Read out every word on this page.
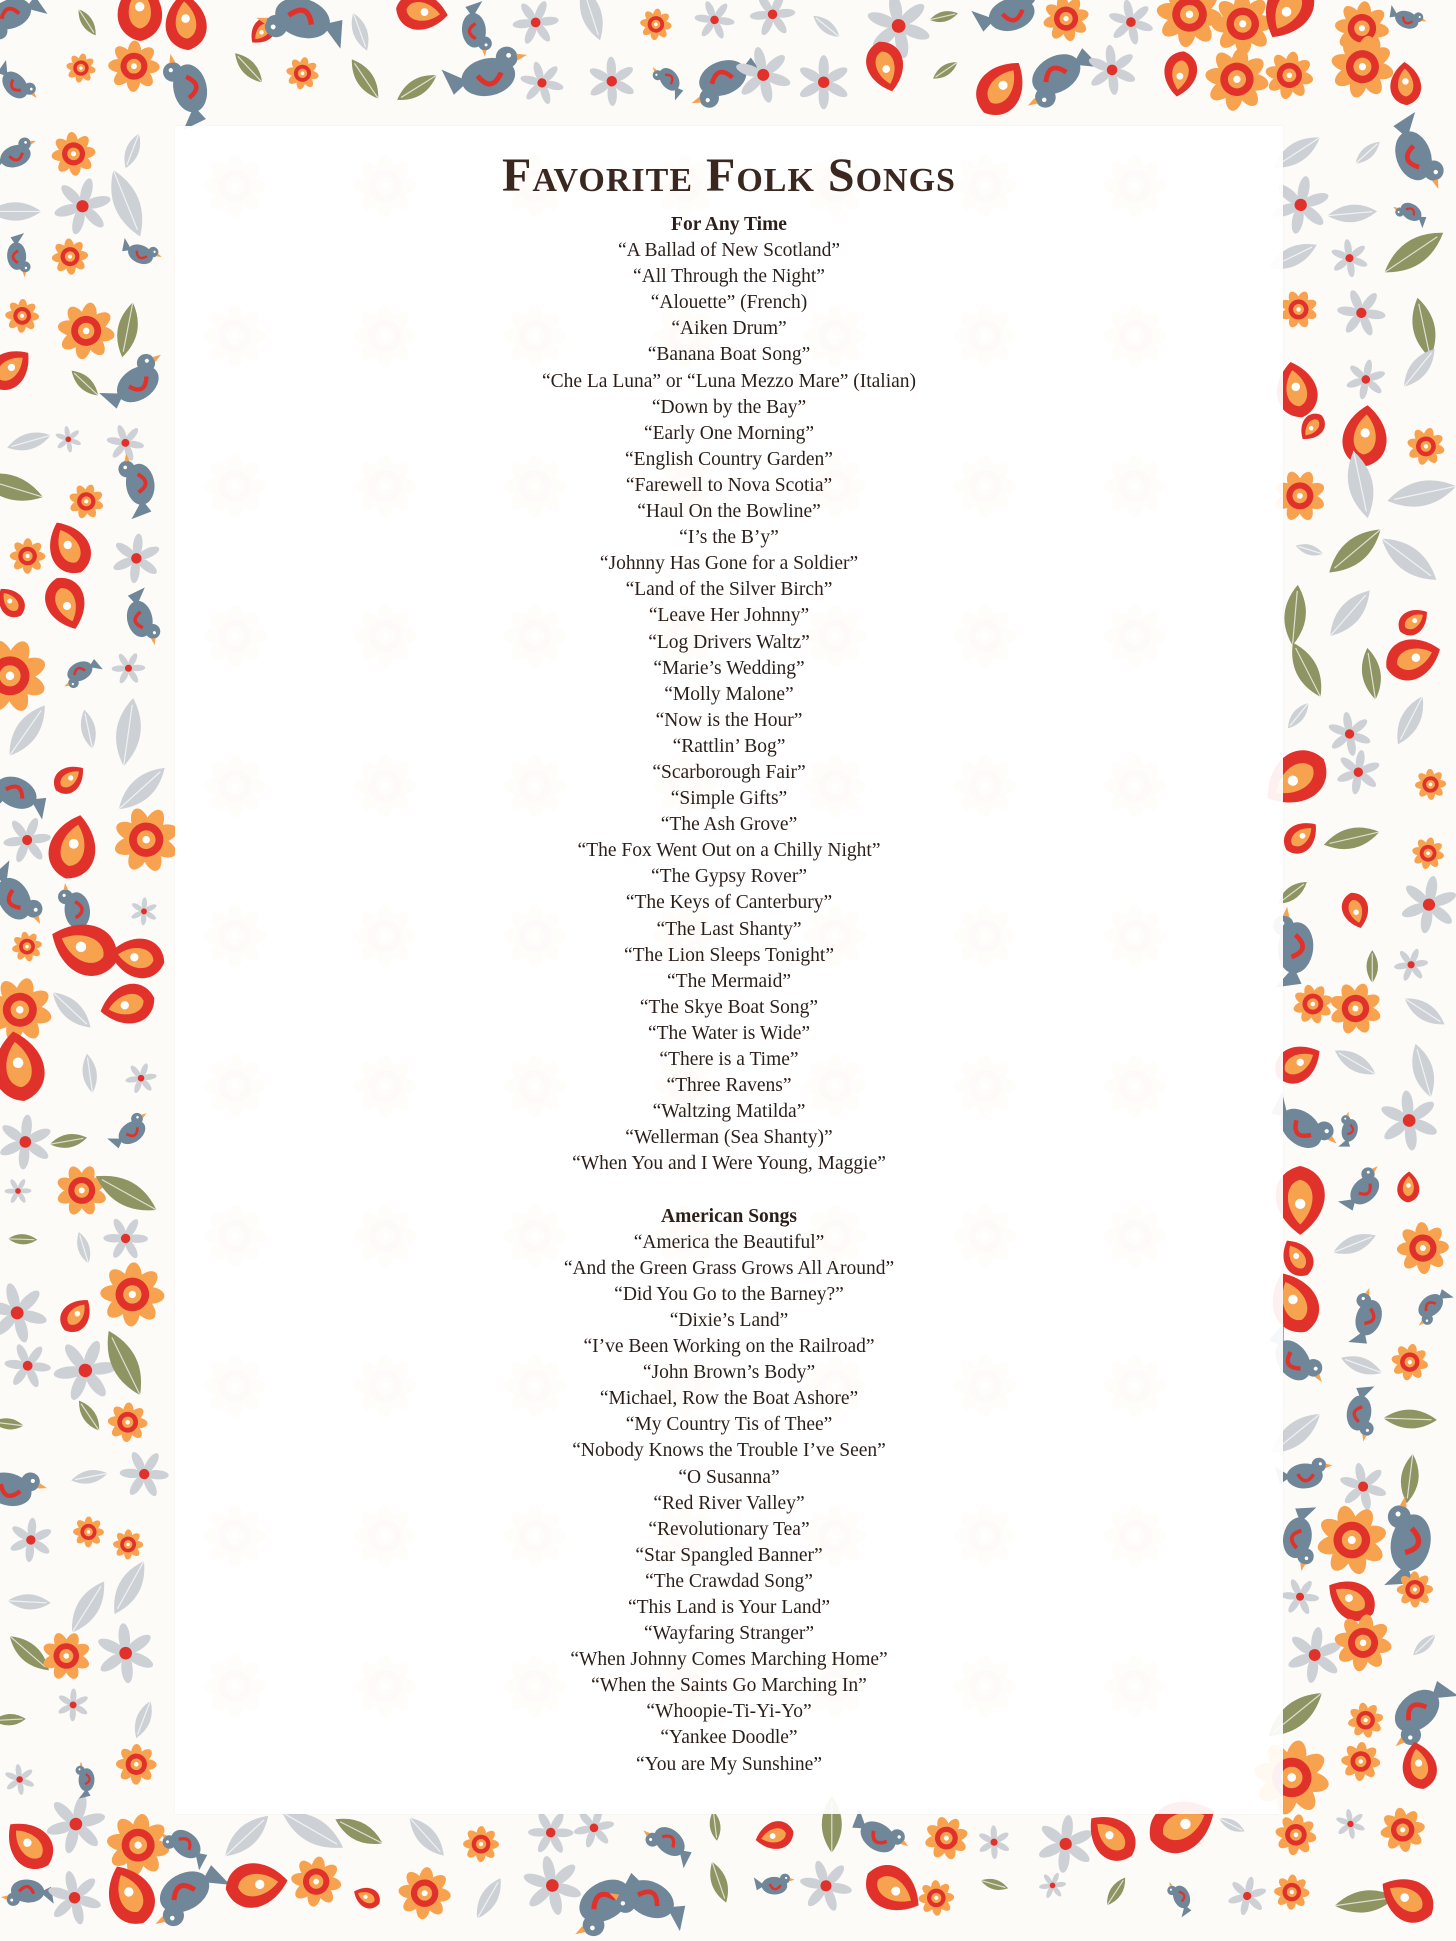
Favorite Folk Songs
For Any Time
“A Ballad of New Scotland”
“All Through the Night”
“Alouette” (French)
“Aiken Drum”
“Banana Boat Song”
“Che La Luna” or “Luna Mezzo Mare” (Italian)
“Down by the Bay”
“Early One Morning”
“English Country Garden”
“Farewell to Nova Scotia”
“Haul On the Bowline”
“I’s the B’y”
“Johnny Has Gone for a Soldier”
“Land of the Silver Birch”
“Leave Her Johnny”
“Log Drivers Waltz”
“Marie’s Wedding”
“Molly Malone”
“Now is the Hour”
“Rattlin’ Bog”
“Scarborough Fair”
“Simple Gifts”
“The Ash Grove”
“The Fox Went Out on a Chilly Night”
“The Gypsy Rover”
“The Keys of Canterbury”
“The Last Shanty”
“The Lion Sleeps Tonight”
“The Mermaid”
“The Skye Boat Song”
“The Water is Wide”
“There is a Time”
“Three Ravens”
“Waltzing Matilda”
“Wellerman (Sea Shanty)”
“When You and I Were Young, Maggie”
American Songs
“America the Beautiful”
“And the Green Grass Grows All Around”
“Did You Go to the Barney?”
“Dixie’s Land”
“I’ve Been Working on the Railroad”
“John Brown’s Body”
“Michael, Row the Boat Ashore”
“My Country Tis of Thee”
“Nobody Knows the Trouble I’ve Seen”
“O Susanna”
“Red River Valley”
“Revolutionary Tea”
“Star Spangled Banner”
“The Crawdad Song”
“This Land is Your Land”
“Wayfaring Stranger”
“When Johnny Comes Marching Home”
“When the Saints Go Marching In”
“Whoopie-Ti-Yi-Yo”
“Yankee Doodle”
“You are My Sunshine”
